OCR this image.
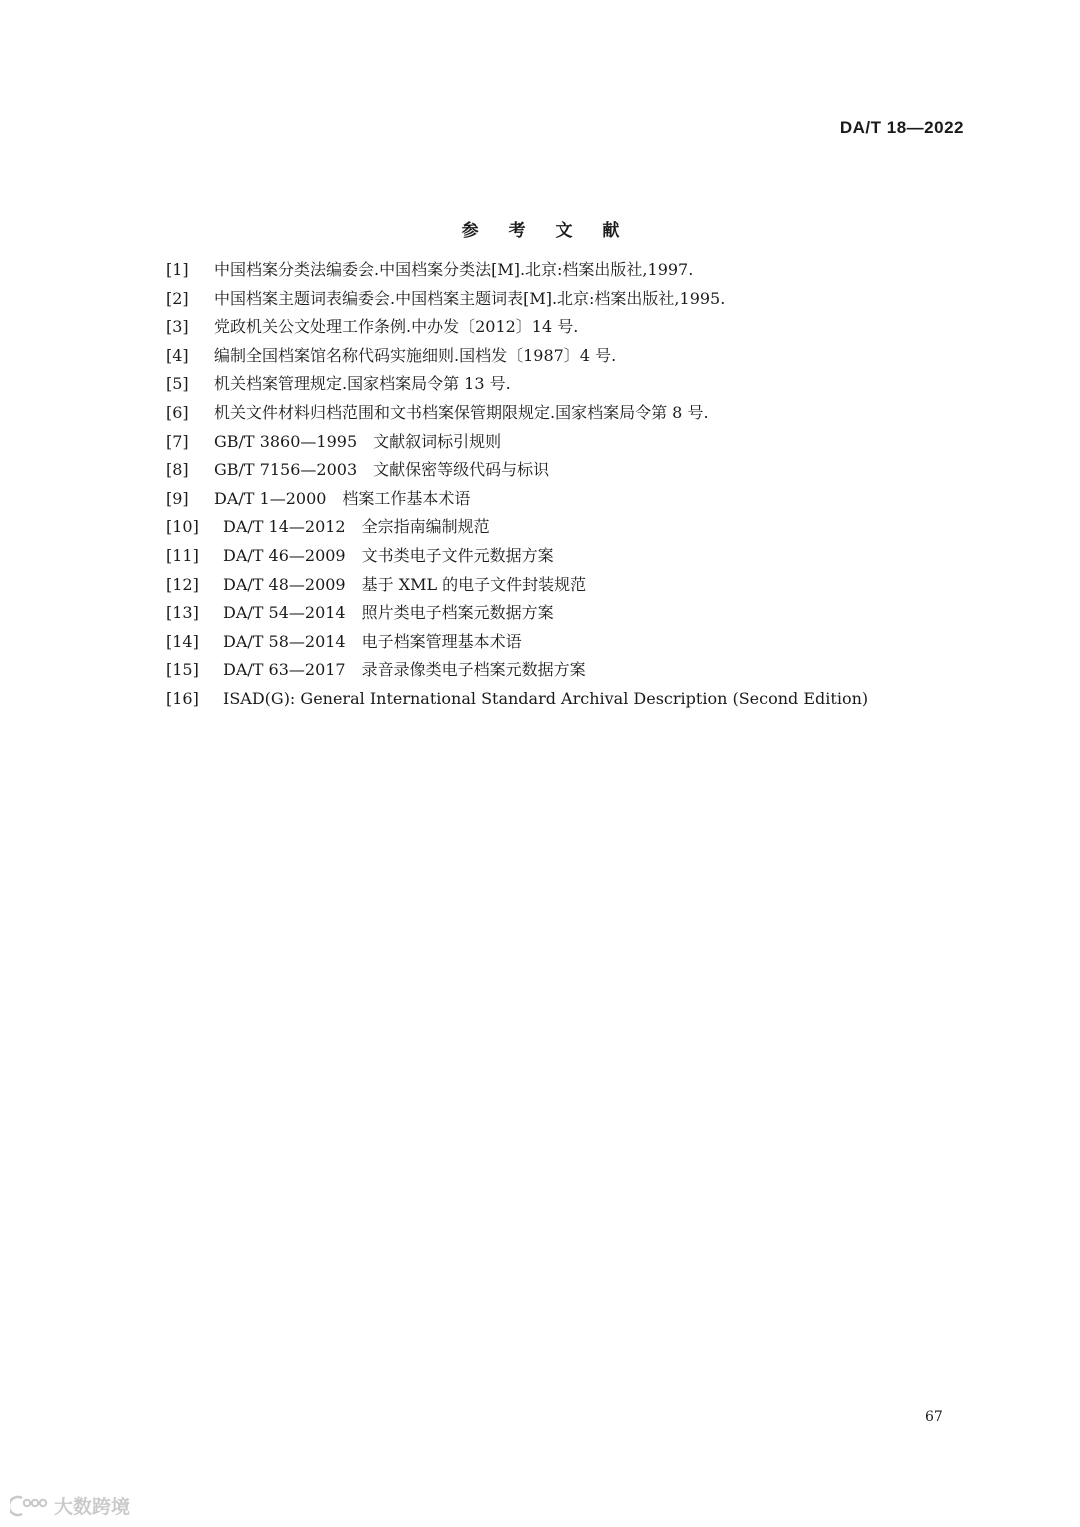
DA/T 18—2022
参 考 文 献
[1] 中国档案分类法编委会.中国档案分类法[M].北京:档案出版社,1997.
[2] 中国档案主题词表编委会.中国档案主题词表[M].北京:档案出版社,1995.
[3] 党政机关公文处理工作条例.中办发〔2012〕14 号.
[4] 编制全国档案馆名称代码实施细则.国档发〔1987〕4 号.
[5] 机关档案管理规定.国家档案局令第 13 号.
[6] 机关文件材料归档范围和文书档案保管期限规定.国家档案局令第 8 号.
[7] GB/T 3860—1995　文献叙词标引规则
[8] GB/T 7156—2003　文献保密等级代码与标识
[9] DA/T 1—2000　档案工作基本术语
[10] DA/T 14—2012　全宗指南编制规范
[11] DA/T 46—2009　文书类电子文件元数据方案
[12] DA/T 48—2009　基于 XML 的电子文件封装规范
[13] DA/T 54—2014　照片类电子档案元数据方案
[14] DA/T 58—2014　电子档案管理基本术语
[15] DA/T 63—2017　录音录像类电子档案元数据方案
[16] ISAD(G): General International Standard Archival Description (Second Edition)
67
大数跨境
